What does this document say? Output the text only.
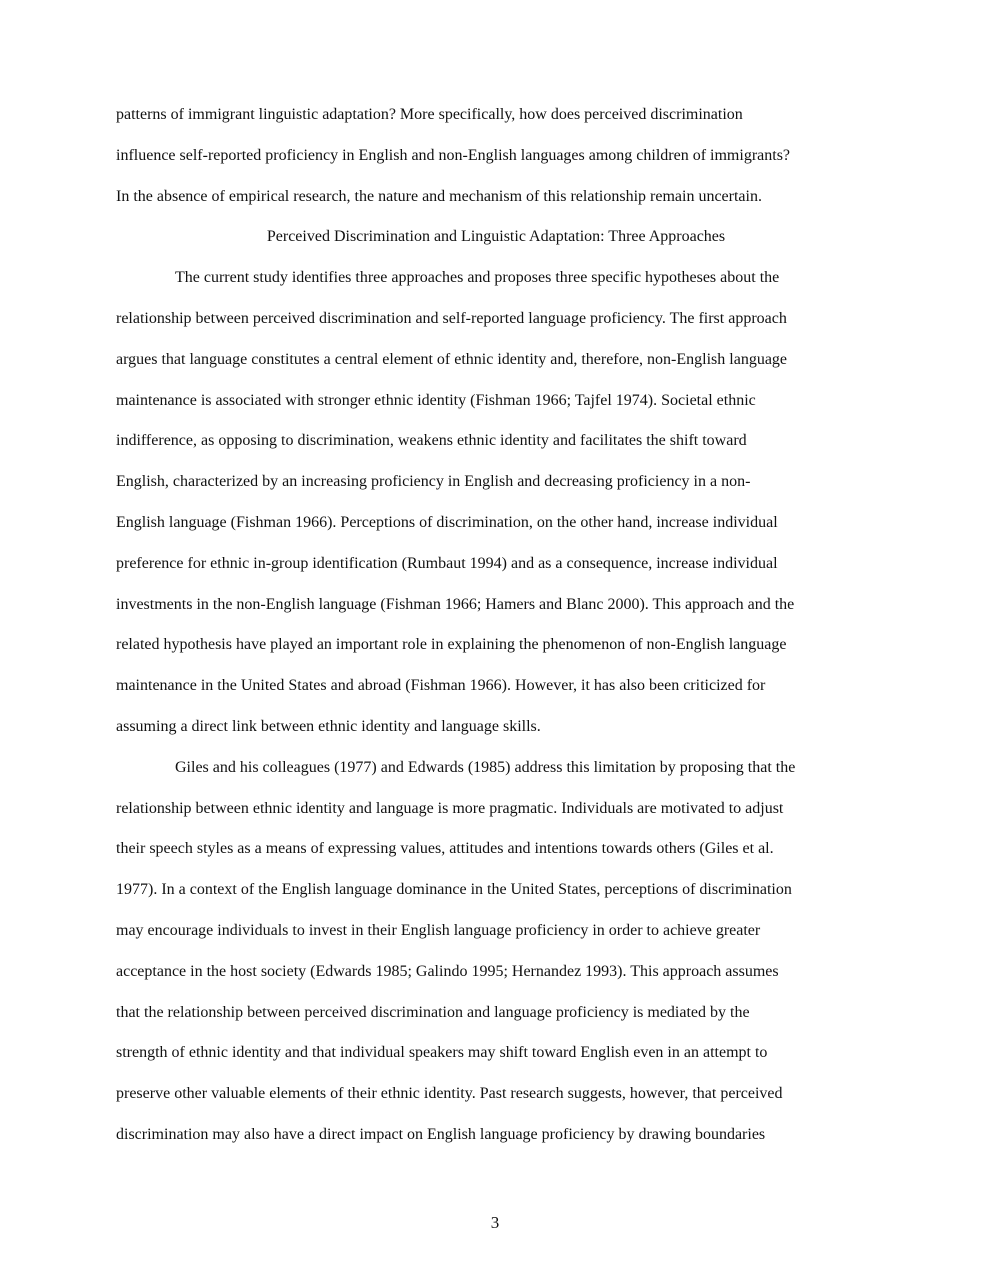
patterns of immigrant linguistic adaptation? More specifically, how does perceived discrimination
influence self-reported proficiency in English and non-English languages among children of immigrants?
In the absence of empirical research, the nature and mechanism of this relationship remain uncertain.
Perceived Discrimination and Linguistic Adaptation: Three Approaches
The current study identifies three approaches and proposes three specific hypotheses about the
relationship between perceived discrimination and self-reported language proficiency. The first approach
argues that language constitutes a central element of ethnic identity and, therefore, non-English language
maintenance is associated with stronger ethnic identity (Fishman 1966; Tajfel 1974). Societal ethnic
indifference, as opposing to discrimination, weakens ethnic identity and facilitates the shift toward
English, characterized by an increasing proficiency in English and decreasing proficiency in a non-
English language (Fishman 1966). Perceptions of discrimination, on the other hand, increase individual
preference for ethnic in-group identification (Rumbaut 1994) and as a consequence, increase individual
investments in the non-English language (Fishman 1966; Hamers and Blanc 2000). This approach and the
related hypothesis have played an important role in explaining the phenomenon of non-English language
maintenance in the United States and abroad (Fishman 1966). However, it has also been criticized for
assuming a direct link between ethnic identity and language skills.
Giles and his colleagues (1977) and Edwards (1985) address this limitation by proposing that the
relationship between ethnic identity and language is more pragmatic. Individuals are motivated to adjust
their speech styles as a means of expressing values, attitudes and intentions towards others (Giles et al.
1977). In a context of the English language dominance in the United States, perceptions of discrimination
may encourage individuals to invest in their English language proficiency in order to achieve greater
acceptance in the host society (Edwards 1985; Galindo 1995; Hernandez 1993). This approach assumes
that the relationship between perceived discrimination and language proficiency is mediated by the
strength of ethnic identity and that individual speakers may shift toward English even in an attempt to
preserve other valuable elements of their ethnic identity. Past research suggests, however, that perceived
discrimination may also have a direct impact on English language proficiency by drawing boundaries
3
